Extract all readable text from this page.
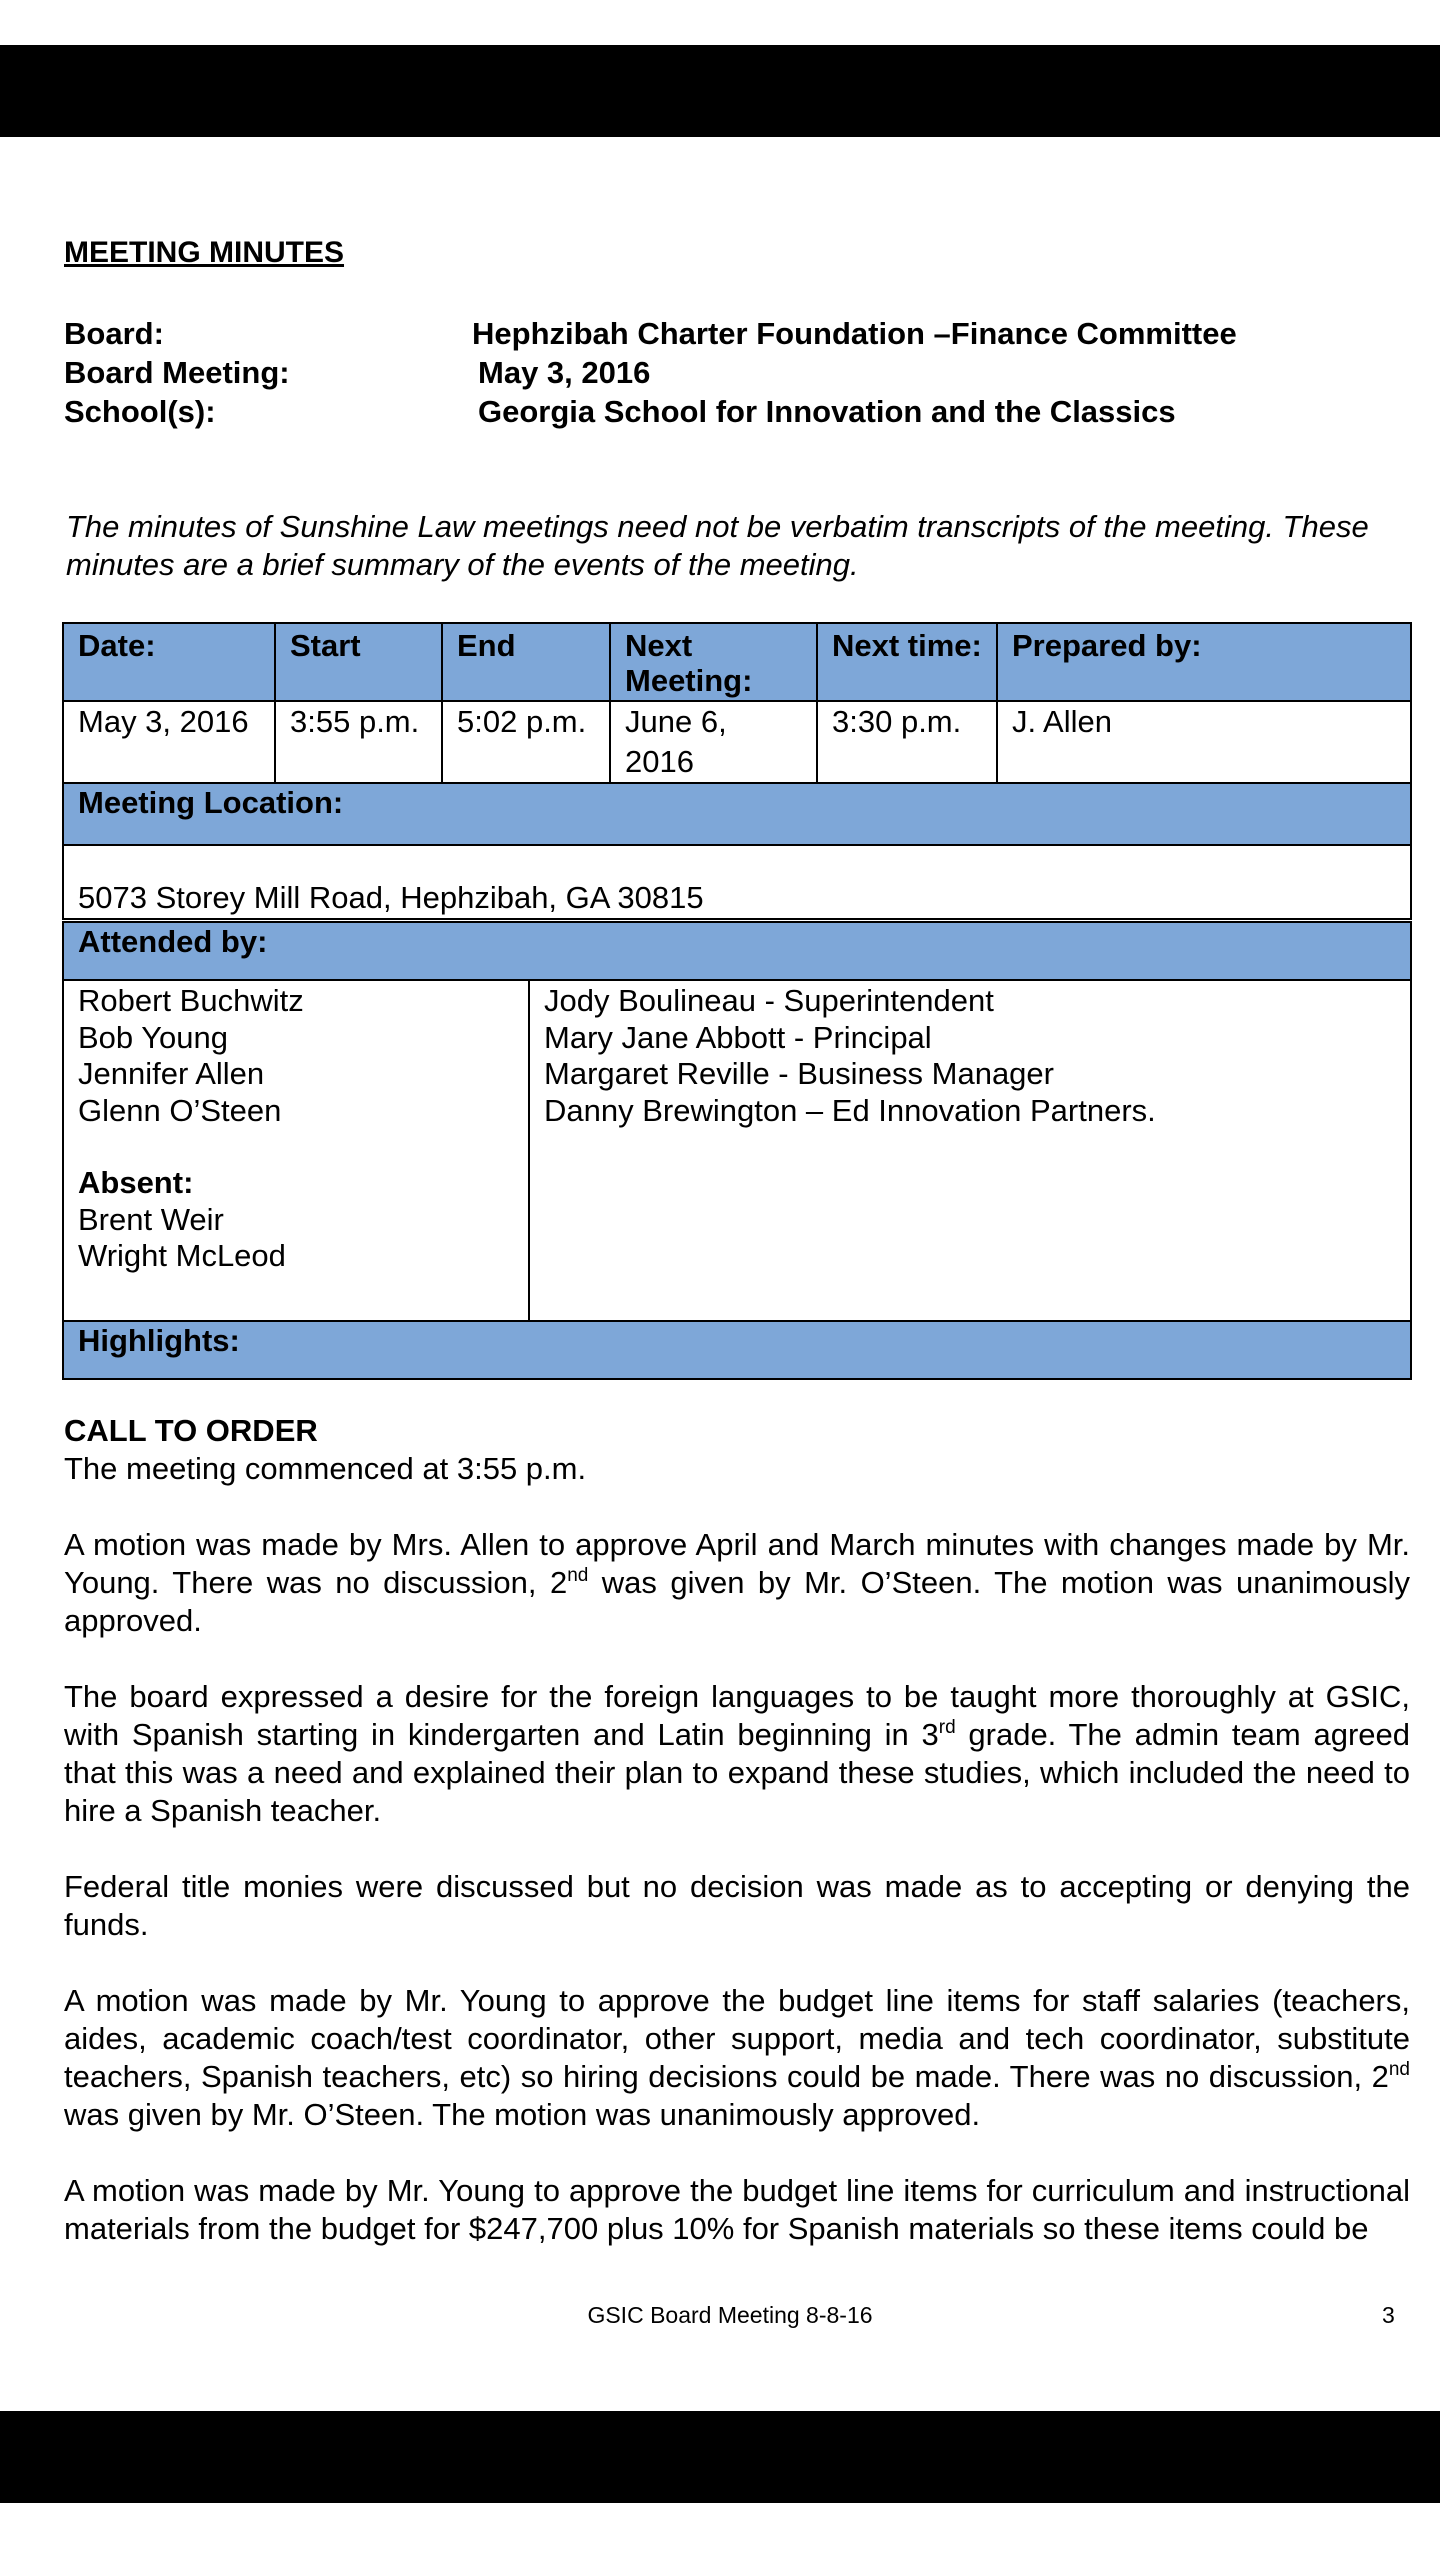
MEETING MINUTES
Board:	Hephzibah Charter Foundation –Finance Committee
Board Meeting:	May 3, 2016
School(s):	Georgia School for Innovation and the Classics
The minutes of Sunshine Law meetings need not be verbatim transcripts of the meeting. These minutes are a brief summary of the events of the meeting.
Date:	Start	End	Next Meeting:	Next time:	Prepared by:
May 3, 2016	3:55 p.m.	5:02 p.m.	June 6, 2016	3:30 p.m.	J. Allen
Meeting Location:					
5073 Storey Mill Road, Hephzibah, GA 30815					
Attended by:

Robert Buchwitz
Bob Young
Jennifer Allen
Glenn O’Steen
Absent:
Brent Weir
Wright McLeod

Jody Boulineau - Superintendent
Mary Jane Abbott - Principal
Margaret Reville - Business Manager
Danny Brewington – Ed Innovation Partners.

Highlights:
CALL TO ORDER
The meeting commenced at 3:55 p.m.

A motion was made by Mrs. Allen to approve April and March minutes with changes made by Mr. Young. There was no discussion, 2nd was given by Mr. O’Steen. The motion was unanimously approved.

The board expressed a desire for the foreign languages to be taught more thoroughly at GSIC, with Spanish starting in kindergarten and Latin beginning in 3rd grade. The admin team agreed that this was a need and explained their plan to expand these studies, which included the need to hire a Spanish teacher.

Federal title monies were discussed but no decision was made as to accepting or denying the funds.

A motion was made by Mr. Young to approve the budget line items for staff salaries (teachers, aides, academic coach/test coordinator, other support, media and tech coordinator, substitute teachers, Spanish teachers, etc) so hiring decisions could be made. There was no discussion, 2nd was given by Mr. O’Steen. The motion was unanimously approved.

A motion was made by Mr. Young to approve the budget line items for curriculum and instructional materials from the budget for $247,700 plus 10% for Spanish materials so these items could be

GSIC Board Meeting 8-8-16	3
